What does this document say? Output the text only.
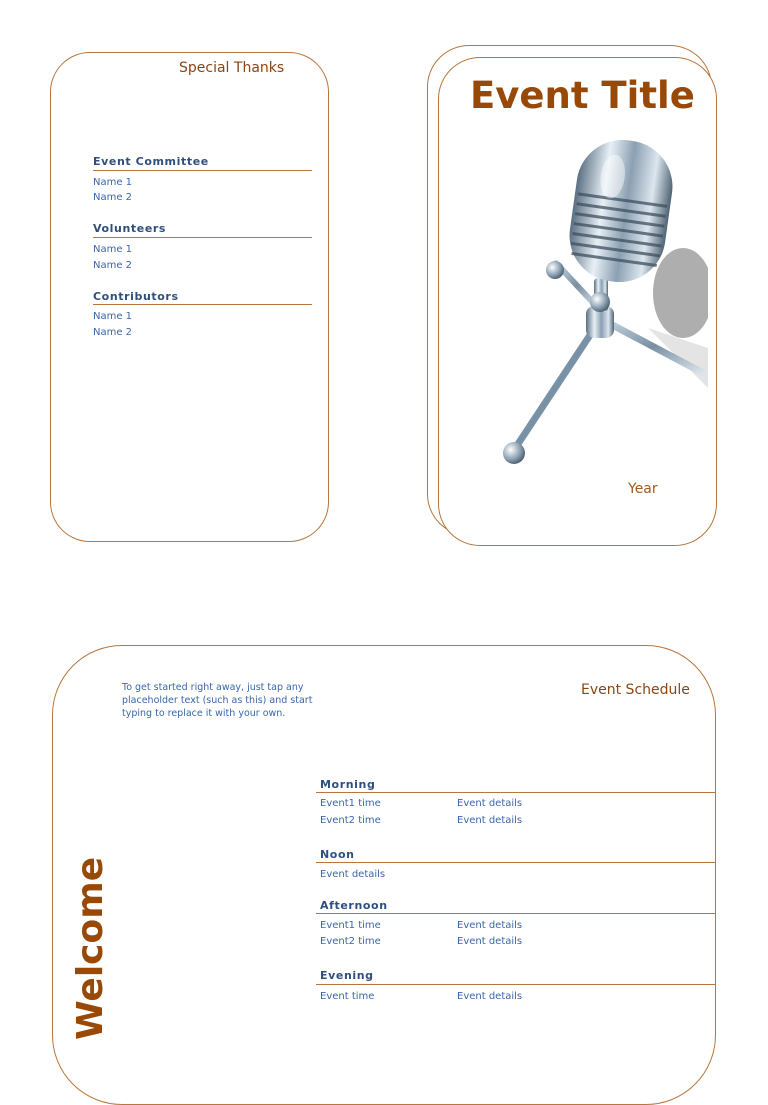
Special Thanks
Event Committee
Name 1
Name 2
Volunteers
Name 1
Name 2
Contributors
Name 1
Name 2
Event Title
Year
To get started right away, just tap any placeholder text (such as this) and start typing to replace it with your own.
Event Schedule
Morning
Event1 time	Event details
Event2 time	Event details
Noon
Event details
Afternoon
Event1 time	Event details
Event2 time	Event details
Evening
Event time	Event details
Welcome
